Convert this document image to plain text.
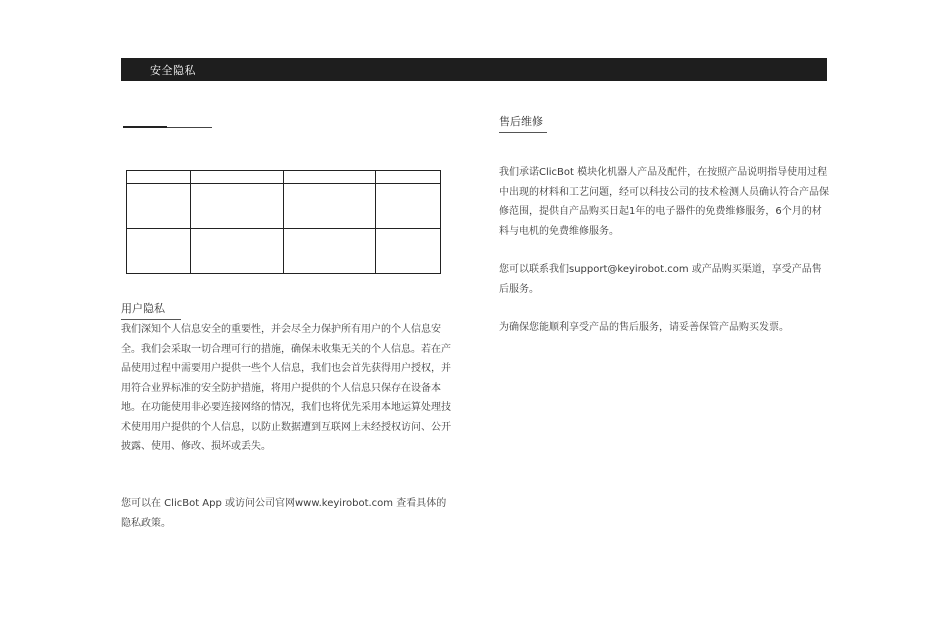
安全隐私

用户隐私

我们深知个人信息安全的重要性，并会尽全力保护所有用户的个人信息安全。我们会采取一切合理可行的措施，确保未收集无关的个人信息。若在产品使用过程中需要用户提供一些个人信息，我们也会首先获得用户授权，并用符合业界标准的安全防护措施，将用户提供的个人信息只保存在设备本地。在功能使用非必要连接网络的情况，我们也将优先采用本地运算处理技术使用用户提供的个人信息，以防止数据遭到互联网上未经授权访问、公开披露、使用、修改、损坏或丢失。

您可以在 ClicBot App 或访问公司官网www.keyirobot.com 查看具体的隐私政策。

售后维修

我们承诺ClicBot 模块化机器人产品及配件，在按照产品说明指导使用过程中出现的材料和工艺问题，经可以科技公司的技术检测人员确认符合产品保修范围，提供自产品购买日起1年的电子器件的免费维修服务，6个月的材料与电机的免费维修服务。

您可以联系我们support@keyirobot.com 或产品购买渠道，享受产品售后服务。

为确保您能顺利享受产品的售后服务，请妥善保管产品购买发票。
